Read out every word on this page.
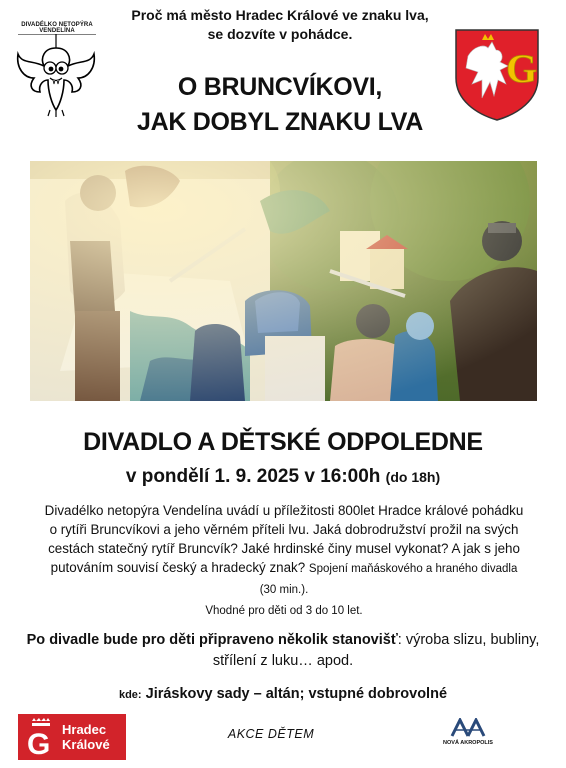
DIVADÉLKO NETOPÝRA VENDELÍNA
Proč má město Hradec Králové ve znaku lva,
se dozvíte v pohádce.
O BRUNCVÍKOVI,
JAK DOBYL ZNAKU LVA
G
DIVADLO A DĚTSKÉ ODPOLEDNE
v pondělí 1. 9. 2025 v 16:00h (do 18h)
Divadélko netopýra Vendelína uvádí u příležitosti 800let Hradce králové pohádku o rytíři Bruncvíkovi a jeho věrném příteli lvu. Jaká dobrodružství prožil na svých cestách statečný rytíř Bruncvík? Jaké hrdinské činy musel vykonat? A jak s jeho putováním souvisí český a hradecký znak? Spojení maňáskového a hraného divadla (30 min.).
Vhodné pro děti od 3 do 10 let.
Po divadle bude pro děti připraveno několik stanovišť: výroba slizu, bubliny, střílení z luku… apod.
kde: Jiráskovy sady – altán; vstupné dobrovolné
G Hradec
Králové
AKCE DĚTEM
NOVÁ AKROPOLIS
